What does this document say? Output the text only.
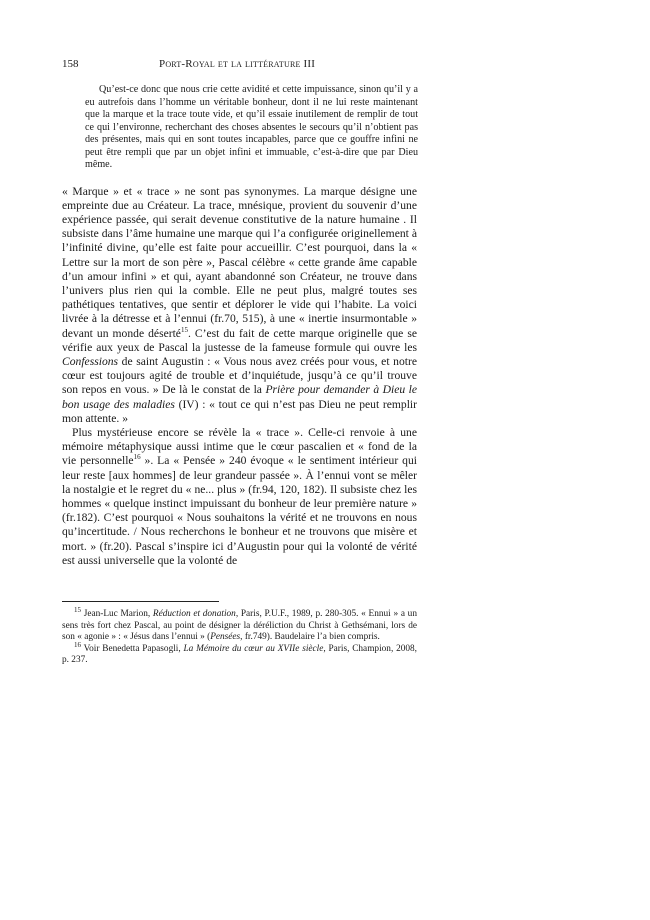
158	Port-Royal et la littérature III

Qu’est-ce donc que nous crie cette avidité et cette impuissance, sinon qu’il y a eu autrefois dans l’homme un véritable bonheur, dont il ne lui reste maintenant que la marque et la trace toute vide, et qu’il essaie inutilement de remplir de tout ce qui l’environne, recherchant des choses absentes le secours qu’il n’obtient pas des présentes, mais qui en sont toutes incapables, parce que ce gouffre infini ne peut être rempli que par un objet infini et immuable, c’est-à-dire que par Dieu même.

« Marque » et « trace » ne sont pas synonymes. La marque désigne une empreinte due au Créateur. La trace, mnésique, provient du souvenir d’une expérience passée, qui serait devenue constitutive de la nature humaine . Il subsiste dans l’âme humaine une marque qui l’a configurée originellement à l’infinité divine, qu’elle est faite pour accueillir. C’est pourquoi, dans la « Lettre sur la mort de son père », Pascal célèbre « cette grande âme capable d’un amour infini » et qui, ayant abandonné son Créateur, ne trouve dans l’univers plus rien qui la comble. Elle ne peut plus, malgré toutes ses pathétiques tentatives, que sentir et déplorer le vide qui l’habite. La voici livrée à la détresse et à l’ennui (fr.70, 515), à une « inertie insurmontable » devant un monde déserté$^{15}$. C’est du fait de cette marque originelle que se vérifie aux yeux de Pascal la justesse de la fameuse formule qui ouvre les Confessions de saint Augustin : « Vous nous avez créés pour vous, et notre cœur est toujours agité de trouble et d’inquiétude, jusqu’à ce qu’il trouve son repos en vous. » De là le constat de la Prière pour demander à Dieu le bon usage des maladies (IV) : « tout ce qui n’est pas Dieu ne peut remplir mon attente. »

Plus mystérieuse encore se révèle la « trace ». Celle-ci renvoie à une mémoire métaphysique aussi intime que le cœur pascalien et « fond de la vie personnelle$^{16}$ ». La « Pensée » 240 évoque « le sentiment intérieur qui leur reste [aux hommes] de leur grandeur passée ». À l’ennui vont se mêler la nostalgie et le regret du « ne... plus » (fr.94, 120, 182). Il subsiste chez les hommes « quelque instinct impuissant du bonheur de leur première nature » (fr.182). C’est pourquoi « Nous souhaitons la vérité et ne trouvons en nous qu’incertitude. / Nous recherchons le bonheur et ne trouvons que misère et mort. » (fr.20). Pascal s’inspire ici d’Augustin pour qui la volonté de vérité est aussi universelle que la volonté de

$^{15}$ Jean-Luc Marion, Réduction et donation, Paris, P.U.F., 1989, p. 280-305. « Ennui » a un sens très fort chez Pascal, au point de désigner la déréliction du Christ à Gethsémani, lors de son « agonie » : « Jésus dans l’ennui » (Pensées, fr.749). Baudelaire l’a bien compris.

$^{16}$ Voir Benedetta Papasogli, La Mémoire du cœur au XVIIe siècle, Paris, Champion, 2008, p. 237.
